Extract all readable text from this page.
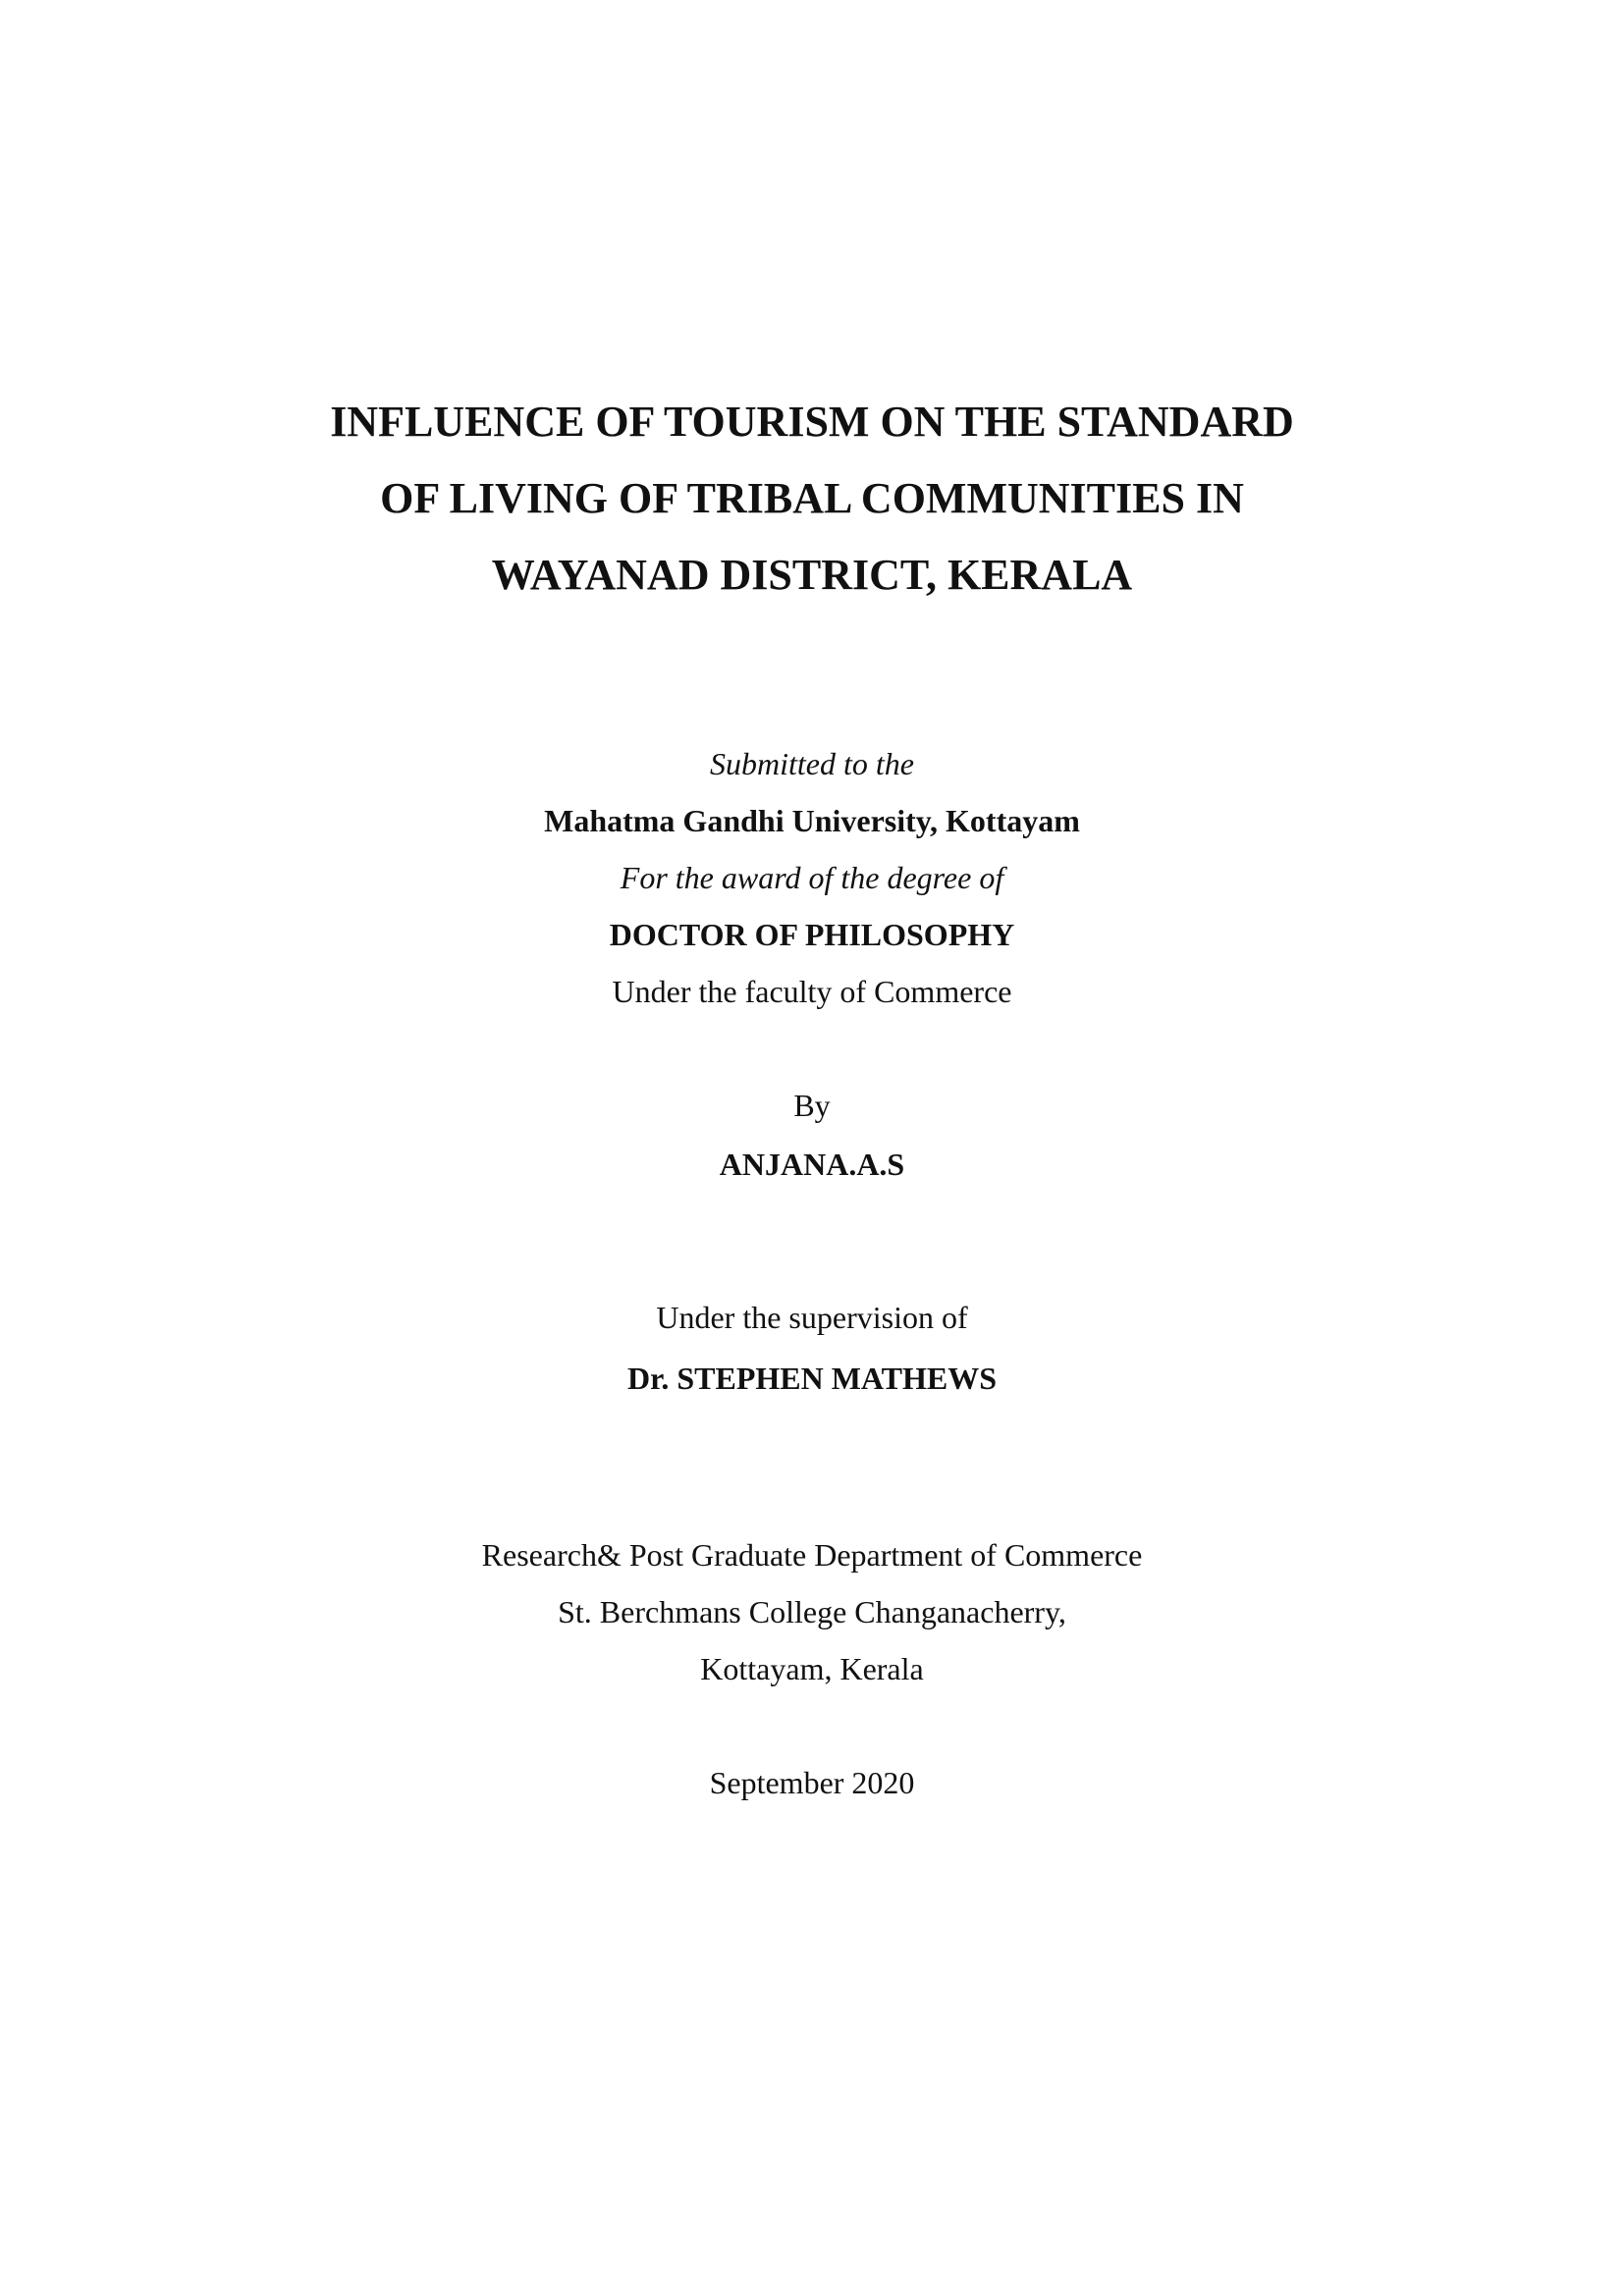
INFLUENCE OF TOURISM ON THE STANDARD
OF LIVING OF TRIBAL COMMUNITIES IN
WAYANAD DISTRICT, KERALA
Submitted to the
Mahatma Gandhi University, Kottayam
For the award of the degree of
DOCTOR OF PHILOSOPHY
Under the faculty of Commerce
By
ANJANA.A.S
Under the supervision of
Dr. STEPHEN MATHEWS
Research& Post Graduate Department of Commerce
St. Berchmans College Changanacherry,
Kottayam, Kerala
September 2020
